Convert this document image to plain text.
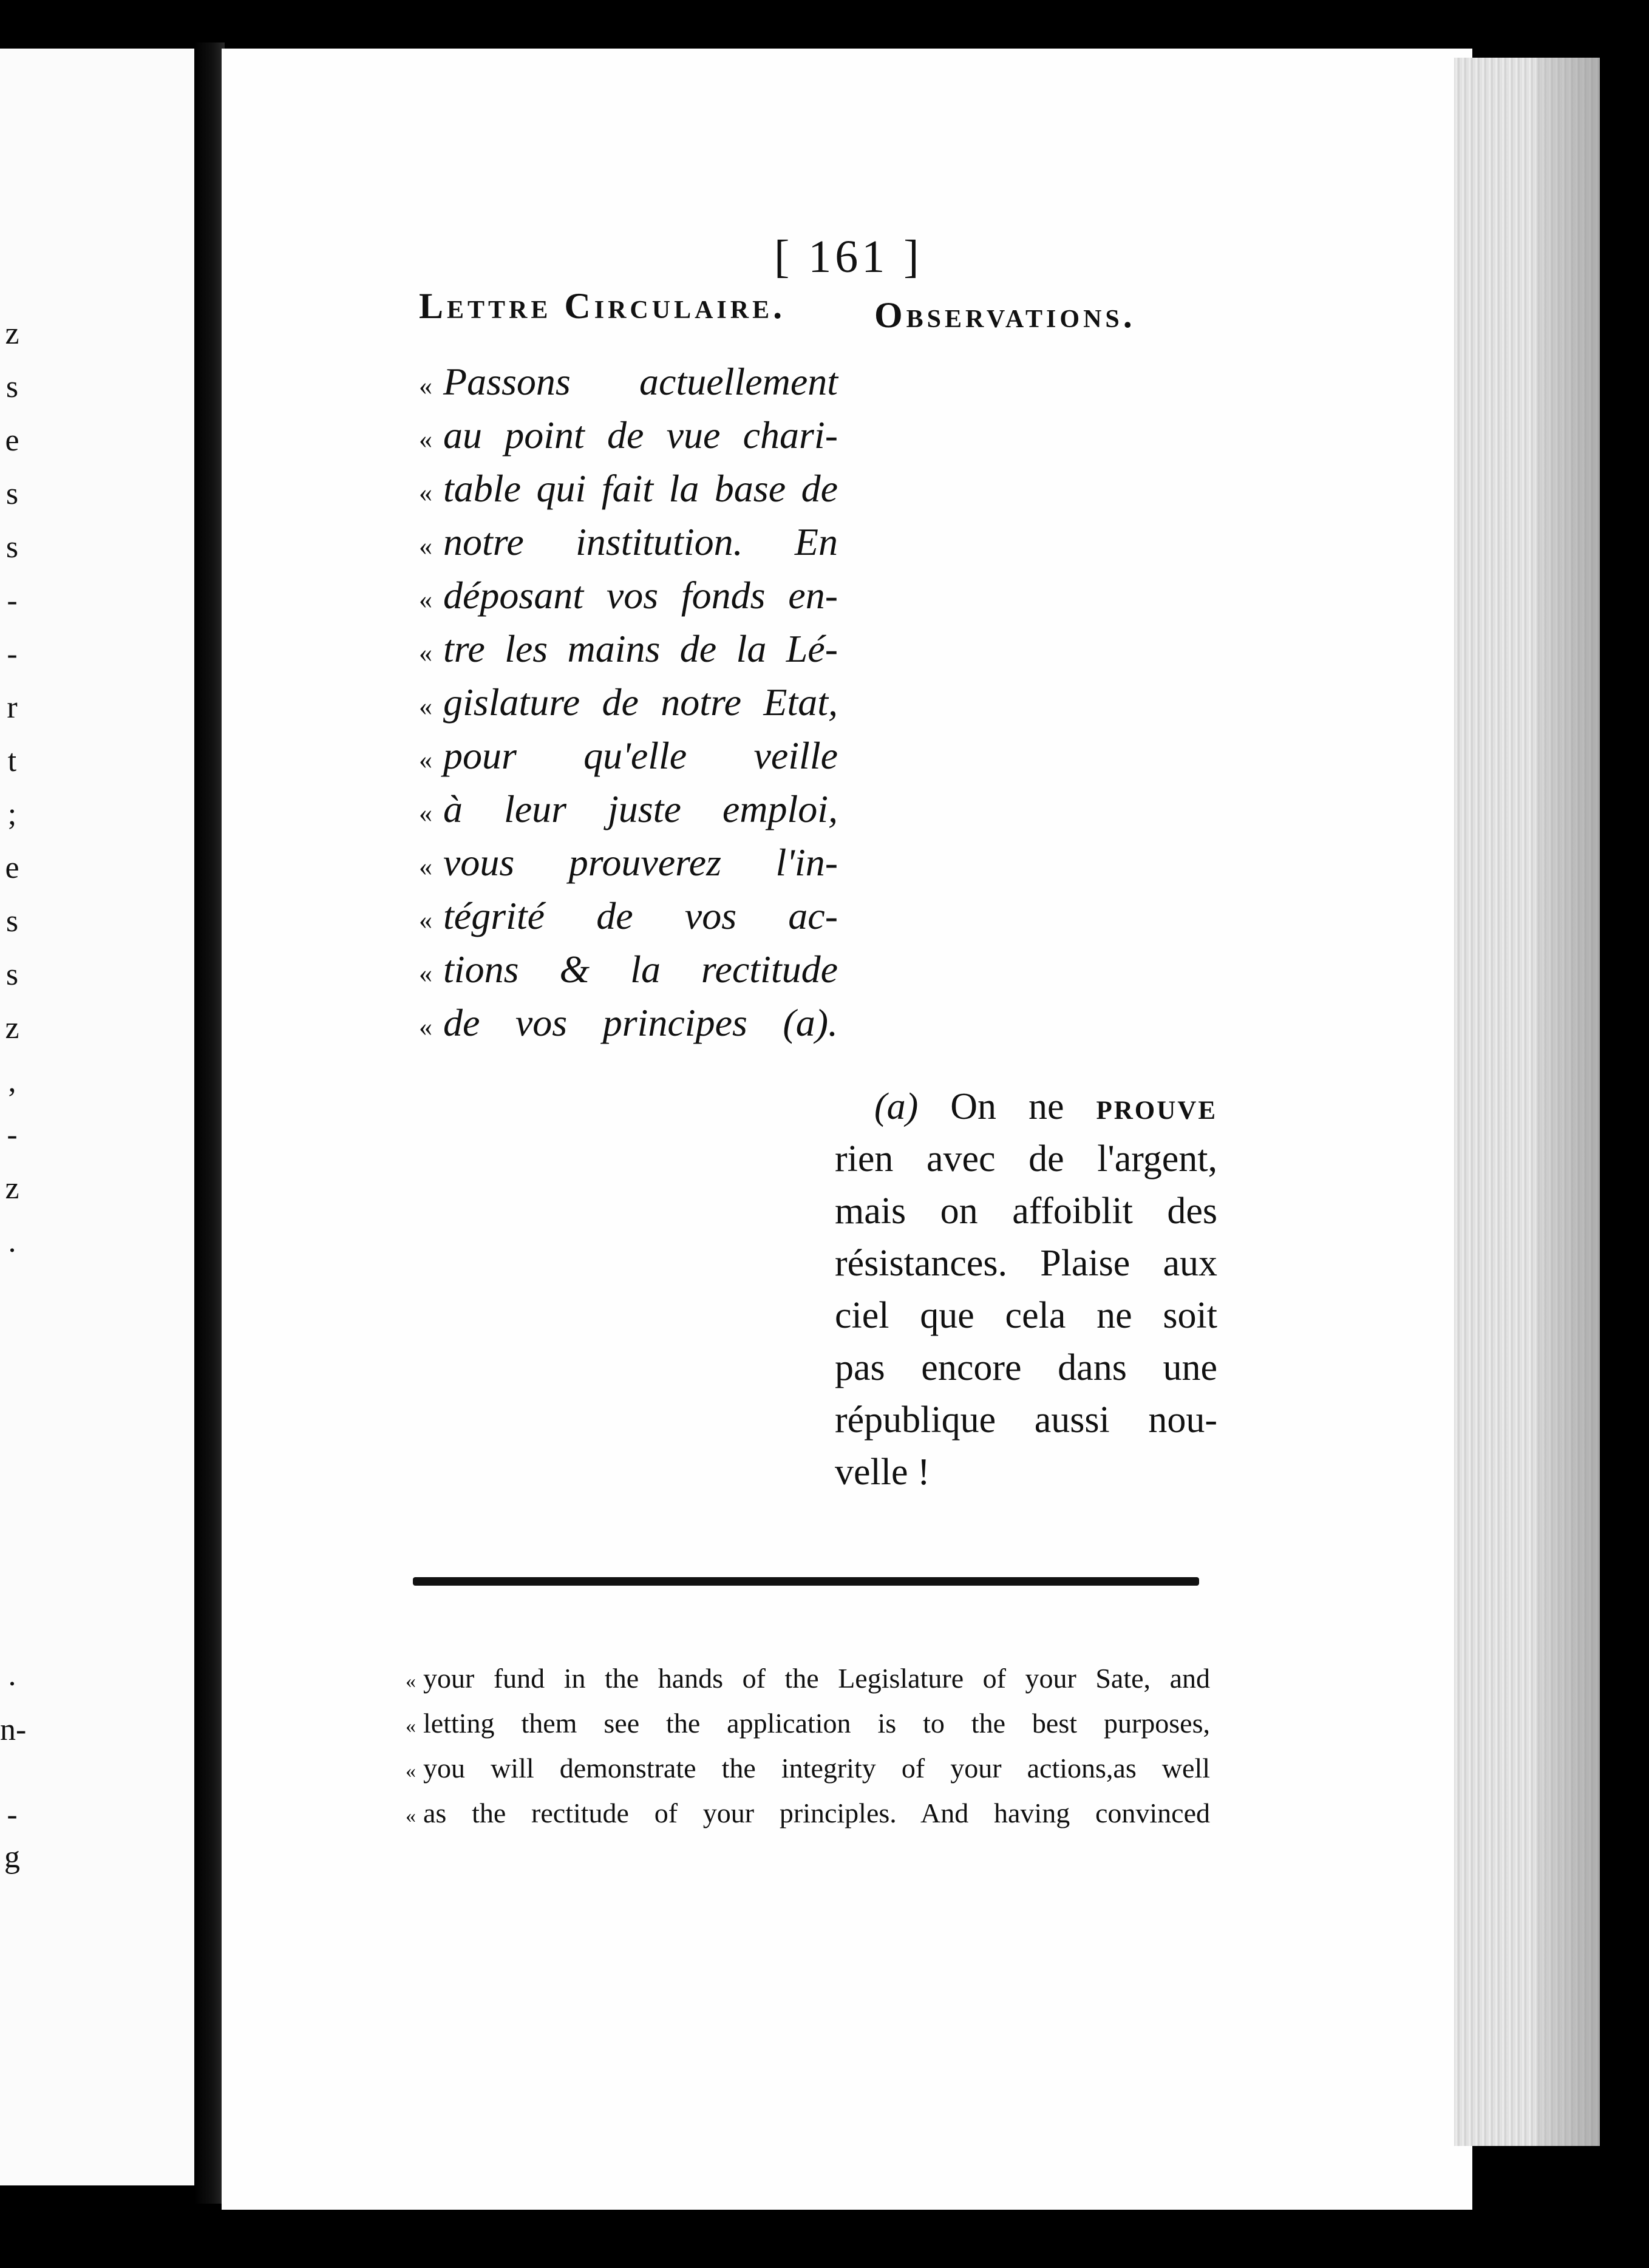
z
s
e
s
s
-
-
r
t
;
e
s
s
z
,
-
z
.
.
n-
-
g
[ 161 ]
Lettre Circulaire. Observations.
« Passons actuellement
« au point de vue chari-
« table qui fait la base de
« notre institution. En
« déposant vos fonds en-
« tre les mains de la Lé-
« gislature de notre Etat,
« pour qu'elle veille
« à leur juste emploi,
« vous prouverez l'in-
« tégrité de vos ac-
« tions & la rectitude
« de vos principes (a).
(a) On ne prouve
rien avec de l'argent,
mais on affoiblit des
résistances. Plaise aux
ciel que cela ne soit
pas encore dans une
république aussi nou-
velle !
« your fund in the hands of the Legislature of your Sate, and
« letting them see the application is to the best purposes,
« you will demonstrate the integrity of your actions,as well
« as the rectitude of your principles. And having convinced
